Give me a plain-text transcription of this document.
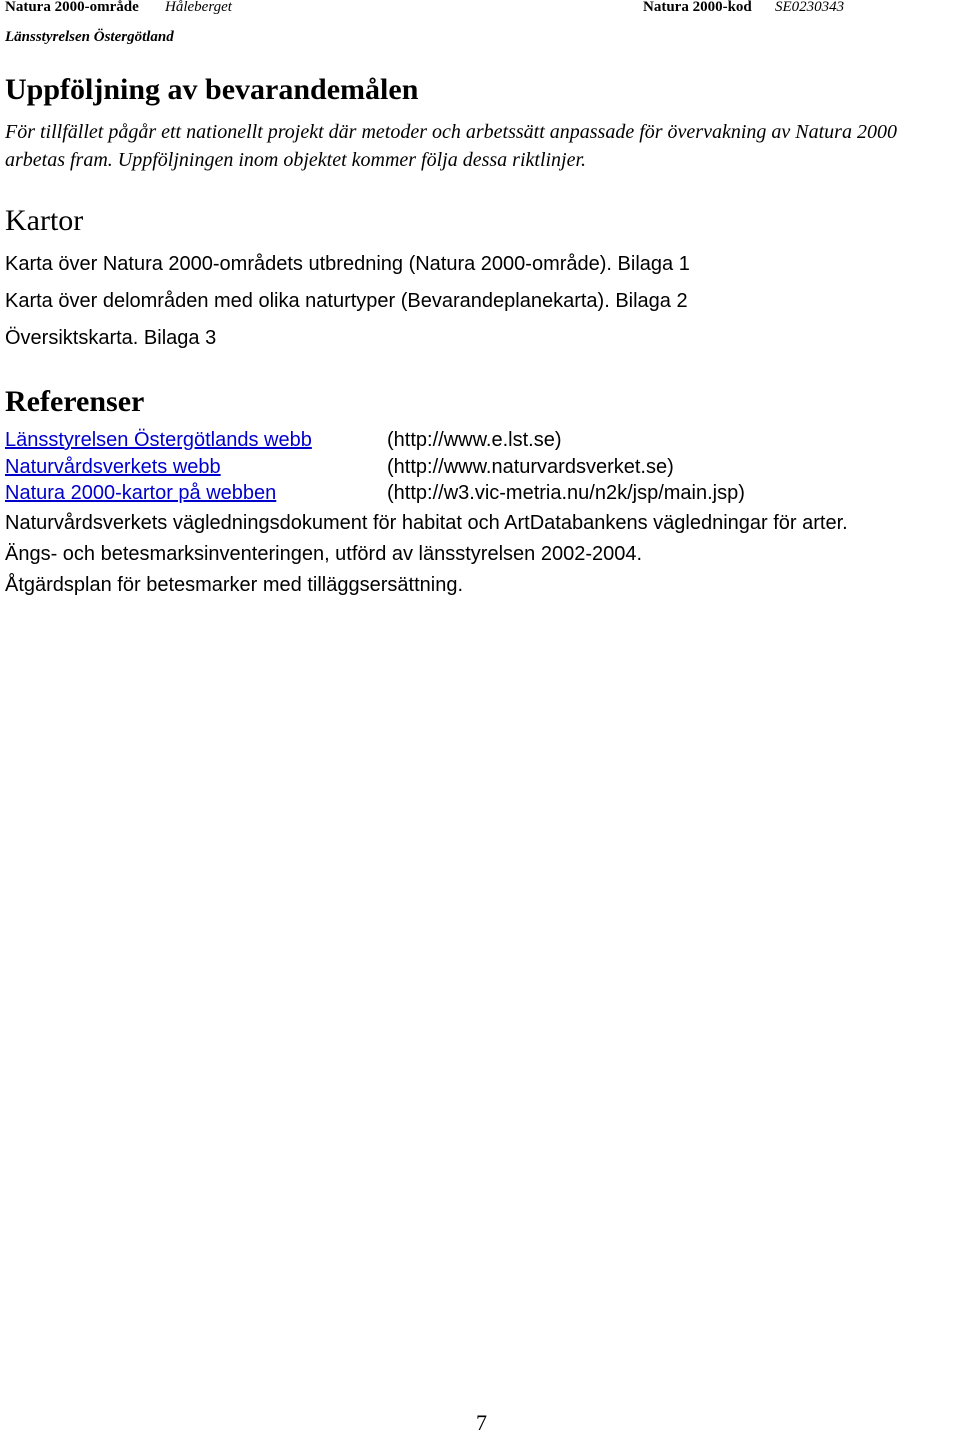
Natura 2000-område Håleberget	Natura 2000-kod SE0230343
Länsstyrelsen Östergötland
Uppföljning av bevarandemålen

För tillfället pågår ett nationellt projekt där metoder och arbetssätt anpassade för övervakning av Natura 2000 arbetas fram. Uppföljningen inom objektet kommer följa dessa riktlinjer.

Kartor

Karta över Natura 2000-områdets utbredning (Natura 2000-område). Bilaga 1

Karta över delområden med olika naturtyper (Bevarandeplanekarta). Bilaga 2

Översiktskarta. Bilaga 3

Referenser
Länsstyrelsen Östergötlands webb	(http://www.e.lst.se)
Naturvårdsverkets webb	(http://www.naturvardsverket.se)
Natura 2000-kartor på webben	(http://w3.vic-metria.nu/n2k/jsp/main.jsp)
Naturvårdsverkets vägledningsdokument för habitat och ArtDatabankens vägledningar för arter.
Ängs- och betesmarksinventeringen, utförd av länsstyrelsen 2002-2004.
Åtgärdsplan för betesmarker med tilläggsersättning.
7
